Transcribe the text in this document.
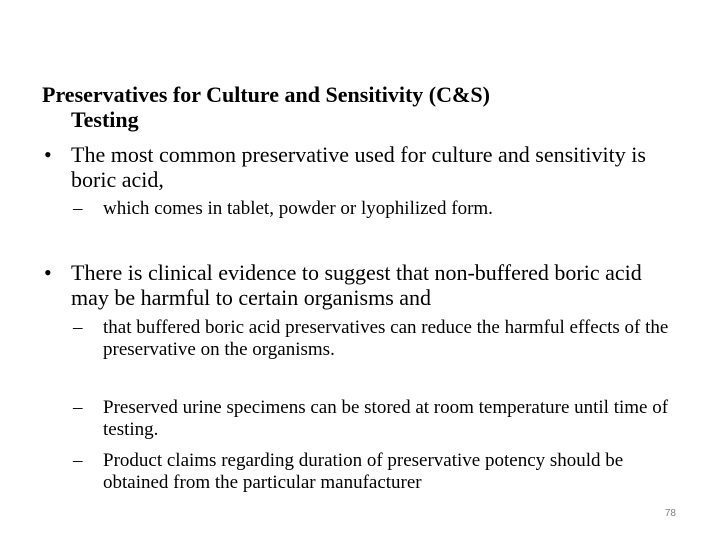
Preservatives for Culture and Sensitivity (C&S)
Testing
• The most common preservative used for culture and sensitivity is boric acid,
–	which comes in tablet, powder or lyophilized form.
• There is clinical evidence to suggest that non-buffered boric acid may be harmful to certain organisms and
–	that buffered boric acid preservatives can reduce the harmful effects of the preservative on the organisms.
–	Preserved urine specimens can be stored at room temperature until time of testing.
–	Product claims regarding duration of preservative potency should be obtained from the particular manufacturer
78
